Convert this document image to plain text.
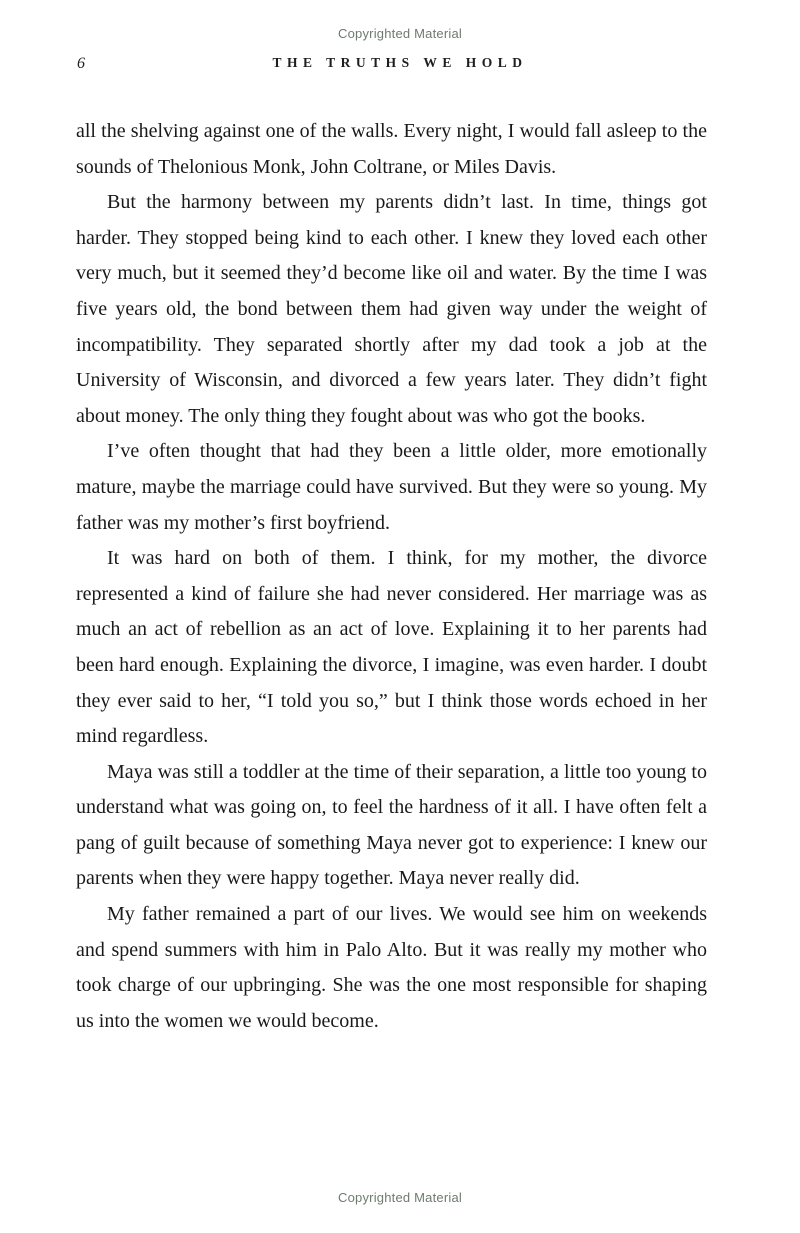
Copyrighted Material
6	THE TRUTHS WE HOLD

all the shelving against one of the walls. Every night, I would fall asleep to the sounds of Thelonious Monk, John Coltrane, or Miles Davis.

But the harmony between my parents didn’t last. In time, things got harder. They stopped being kind to each other. I knew they loved each other very much, but it seemed they’d become like oil and water. By the time I was five years old, the bond between them had given way under the weight of incompatibility. They separated shortly after my dad took a job at the University of Wisconsin, and divorced a few years later. They didn’t fight about money. The only thing they fought about was who got the books.

I’ve often thought that had they been a little older, more emotionally mature, maybe the marriage could have survived. But they were so young. My father was my mother’s first boyfriend.

It was hard on both of them. I think, for my mother, the divorce represented a kind of failure she had never considered. Her marriage was as much an act of rebellion as an act of love. Explaining it to her parents had been hard enough. Explaining the divorce, I imagine, was even harder. I doubt they ever said to her, “I told you so,” but I think those words echoed in her mind regardless.

Maya was still a toddler at the time of their separation, a little too young to understand what was going on, to feel the hardness of it all. I have often felt a pang of guilt because of something Maya never got to experience: I knew our parents when they were happy together. Maya never really did.

My father remained a part of our lives. We would see him on weekends and spend summers with him in Palo Alto. But it was really my mother who took charge of our upbringing. She was the one most responsible for shaping us into the women we would become.

Copyrighted Material
